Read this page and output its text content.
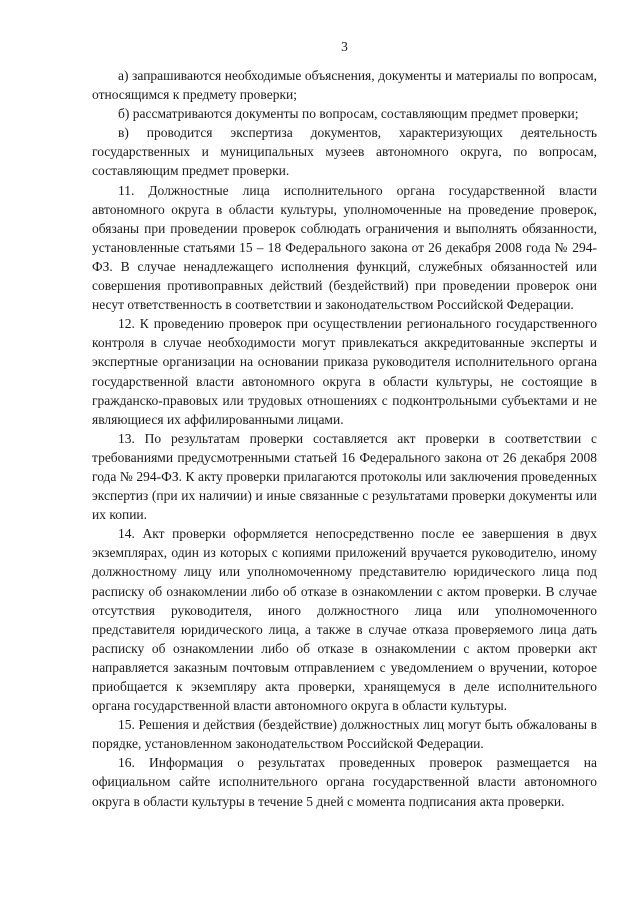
3

а) запрашиваются необходимые объяснения, документы и материалы по вопросам, относящимся к предмету проверки;

б) рассматриваются документы по вопросам, составляющим предмет проверки;

в) проводится экспертиза документов, характеризующих деятельность государственных и муниципальных музеев автономного округа, по вопросам, составляющим предмет проверки.

11. Должностные лица исполнительного органа государственной власти автономного округа в области культуры, уполномоченные на проведение проверок, обязаны при проведении проверок соблюдать ограничения и выполнять обязанности, установленные статьями 15 – 18 Федерального закона от 26 декабря 2008 года № 294-ФЗ. В случае ненадлежащего исполнения функций, служебных обязанностей или совершения противоправных действий (бездействий) при проведении проверок они несут ответственность в соответствии и законодательством Российской Федерации.

12. К проведению проверок при осуществлении регионального государственного контроля в случае необходимости могут привлекаться аккредитованные эксперты и экспертные организации на основании приказа руководителя исполнительного органа государственной власти автономного округа в области культуры, не состоящие в гражданско-правовых или трудовых отношениях с подконтрольными субъектами и не являющиеся их аффилированными лицами.

13. По результатам проверки составляется акт проверки в соответствии с требованиями предусмотренными статьей 16 Федерального закона от 26 декабря 2008 года № 294-ФЗ. К акту проверки прилагаются протоколы или заключения проведенных экспертиз (при их наличии) и иные связанные с результатами проверки документы или их копии.

14. Акт проверки оформляется непосредственно после ее завершения в двух экземплярах, один из которых с копиями приложений вручается руководителю, иному должностному лицу или уполномоченному представителю юридического лица под расписку об ознакомлении либо об отказе в ознакомлении с актом проверки. В случае отсутствия руководителя, иного должностного лица или уполномоченного представителя юридического лица, а также в случае отказа проверяемого лица дать расписку об ознакомлении либо об отказе в ознакомлении с актом проверки акт направляется заказным почтовым отправлением с уведомлением о вручении, которое приобщается к экземпляру акта проверки, хранящемуся в деле исполнительного органа государственной власти автономного округа в области культуры.

15. Решения и действия (бездействие) должностных лиц могут быть обжалованы в порядке, установленном законодательством Российской Федерации.

16. Информация о результатах проведенных проверок размещается на официальном сайте исполнительного органа государственной власти автономного округа в области культуры в течение 5 дней с момента подписания акта проверки.
